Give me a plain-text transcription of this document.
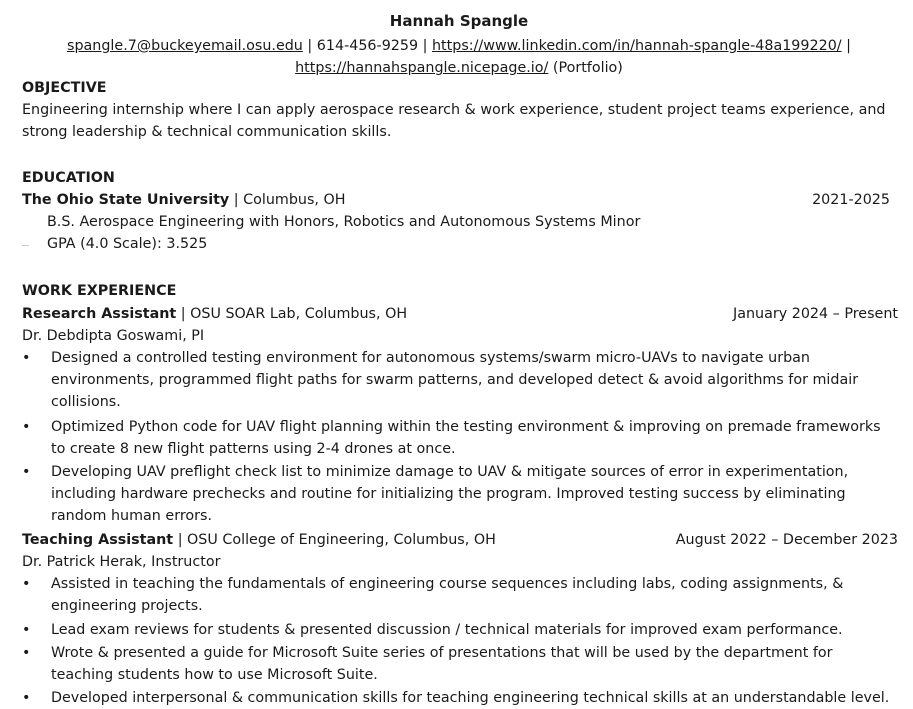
Hannah Spangle
spangle.7@buckeyemail.osu.edu | 614-456-9259 | https://www.linkedin.com/in/hannah-spangle-48a199220/ |
https://hannahspangle.nicepage.io/ (Portfolio)
OBJECTIVE
Engineering internship where I can apply aerospace research & work experience, student project teams experience, and
strong leadership & technical communication skills.
EDUCATION
The Ohio State University | Columbus, OH	2021-2025
B.S. Aerospace Engineering with Honors, Robotics and Autonomous Systems Minor
GPA (4.0 Scale): 3.525
WORK EXPERIENCE
Research Assistant | OSU SOAR Lab, Columbus, OH	January 2024 – Present
Dr. Debdipta Goswami, PI
• Designed a controlled testing environment for autonomous systems/swarm micro-UAVs to navigate urban
environments, programmed flight paths for swarm patterns, and developed detect & avoid algorithms for midair
collisions.
• Optimized Python code for UAV flight planning within the testing environment & improving on premade frameworks
to create 8 new flight patterns using 2-4 drones at once.
• Developing UAV preflight check list to minimize damage to UAV & mitigate sources of error in experimentation,
including hardware prechecks and routine for initializing the program. Improved testing success by eliminating
random human errors.
Teaching Assistant | OSU College of Engineering, Columbus, OH	August 2022 – December 2023
Dr. Patrick Herak, Instructor
• Assisted in teaching the fundamentals of engineering course sequences including labs, coding assignments, &
engineering projects.
• Lead exam reviews for students & presented discussion / technical materials for improved exam performance.
• Wrote & presented a guide for Microsoft Suite series of presentations that will be used by the department for
teaching students how to use Microsoft Suite.
• Developed interpersonal & communication skills for teaching engineering technical skills at an understandable level.
